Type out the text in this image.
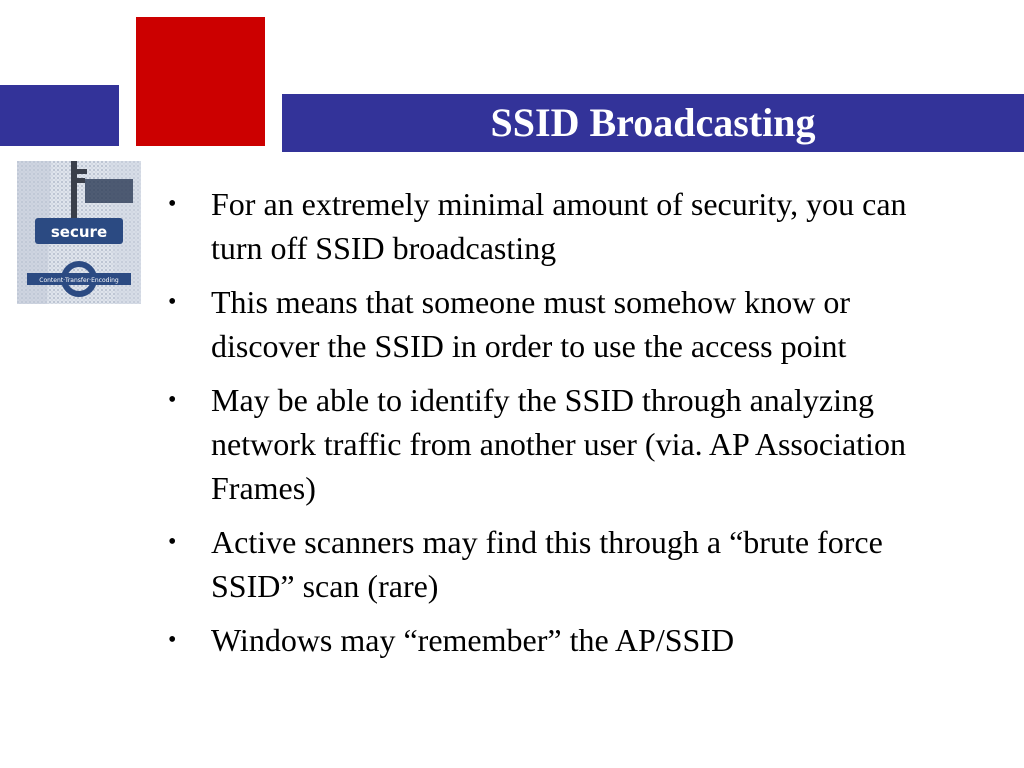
SSID Broadcasting
secure
Content·Transfer·Encoding
•	For an extremely minimal amount of security, you can turn off SSID broadcasting
•	This means that someone must somehow know or discover the SSID in order to use the access point
•	May be able to identify the SSID through analyzing network traffic from another user (via. AP Association Frames)
•	Active scanners may find this through a “brute force SSID” scan (rare)
•	Windows may “remember” the AP/SSID
